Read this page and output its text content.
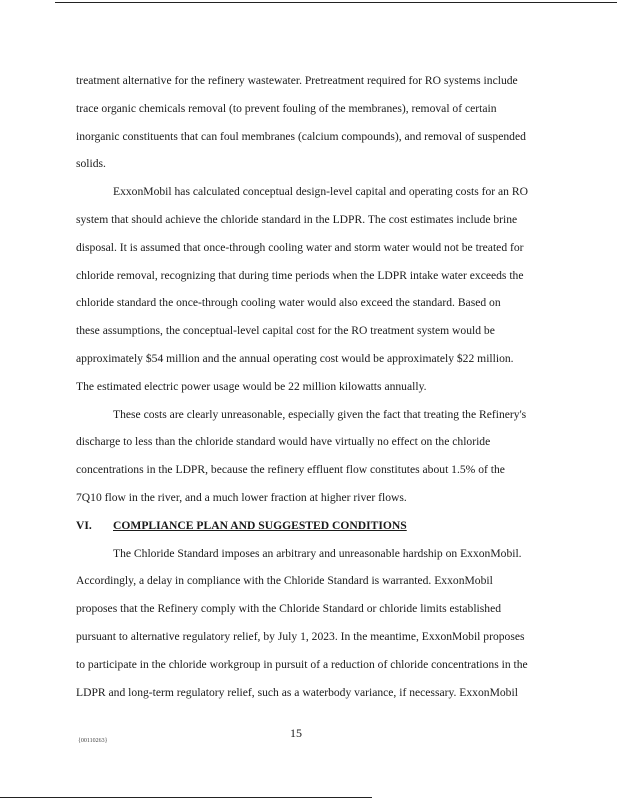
treatment alternative for the refinery wastewater. Pretreatment required for RO systems include
trace organic chemicals removal (to prevent fouling of the membranes), removal of certain
inorganic constituents that can foul membranes (calcium compounds), and removal of suspended
solids.
ExxonMobil has calculated conceptual design-level capital and operating costs for an RO
system that should achieve the chloride standard in the LDPR. The cost estimates include brine
disposal. It is assumed that once-through cooling water and storm water would not be treated for
chloride removal, recognizing that during time periods when the LDPR intake water exceeds the
chloride standard the once-through cooling water would also exceed the standard. Based on
these assumptions, the conceptual-level capital cost for the RO treatment system would be
approximately $54 million and the annual operating cost would be approximately $22 million.
The estimated electric power usage would be 22 million kilowatts annually.
These costs are clearly unreasonable, especially given the fact that treating the Refinery's
discharge to less than the chloride standard would have virtually no effect on the chloride
concentrations in the LDPR, because the refinery effluent flow constitutes about 1.5% of the
7Q10 flow in the river, and a much lower fraction at higher river flows.
VI. COMPLIANCE PLAN AND SUGGESTED CONDITIONS
The Chloride Standard imposes an arbitrary and unreasonable hardship on ExxonMobil.
Accordingly, a delay in compliance with the Chloride Standard is warranted. ExxonMobil
proposes that the Refinery comply with the Chloride Standard or chloride limits established
pursuant to alternative regulatory relief, by July 1, 2023. In the meantime, ExxonMobil proposes
to participate in the chloride workgroup in pursuit of a reduction of chloride concentrations in the
LDPR and long-term regulatory relief, such as a waterbody variance, if necessary. ExxonMobil
{00110263}
15
